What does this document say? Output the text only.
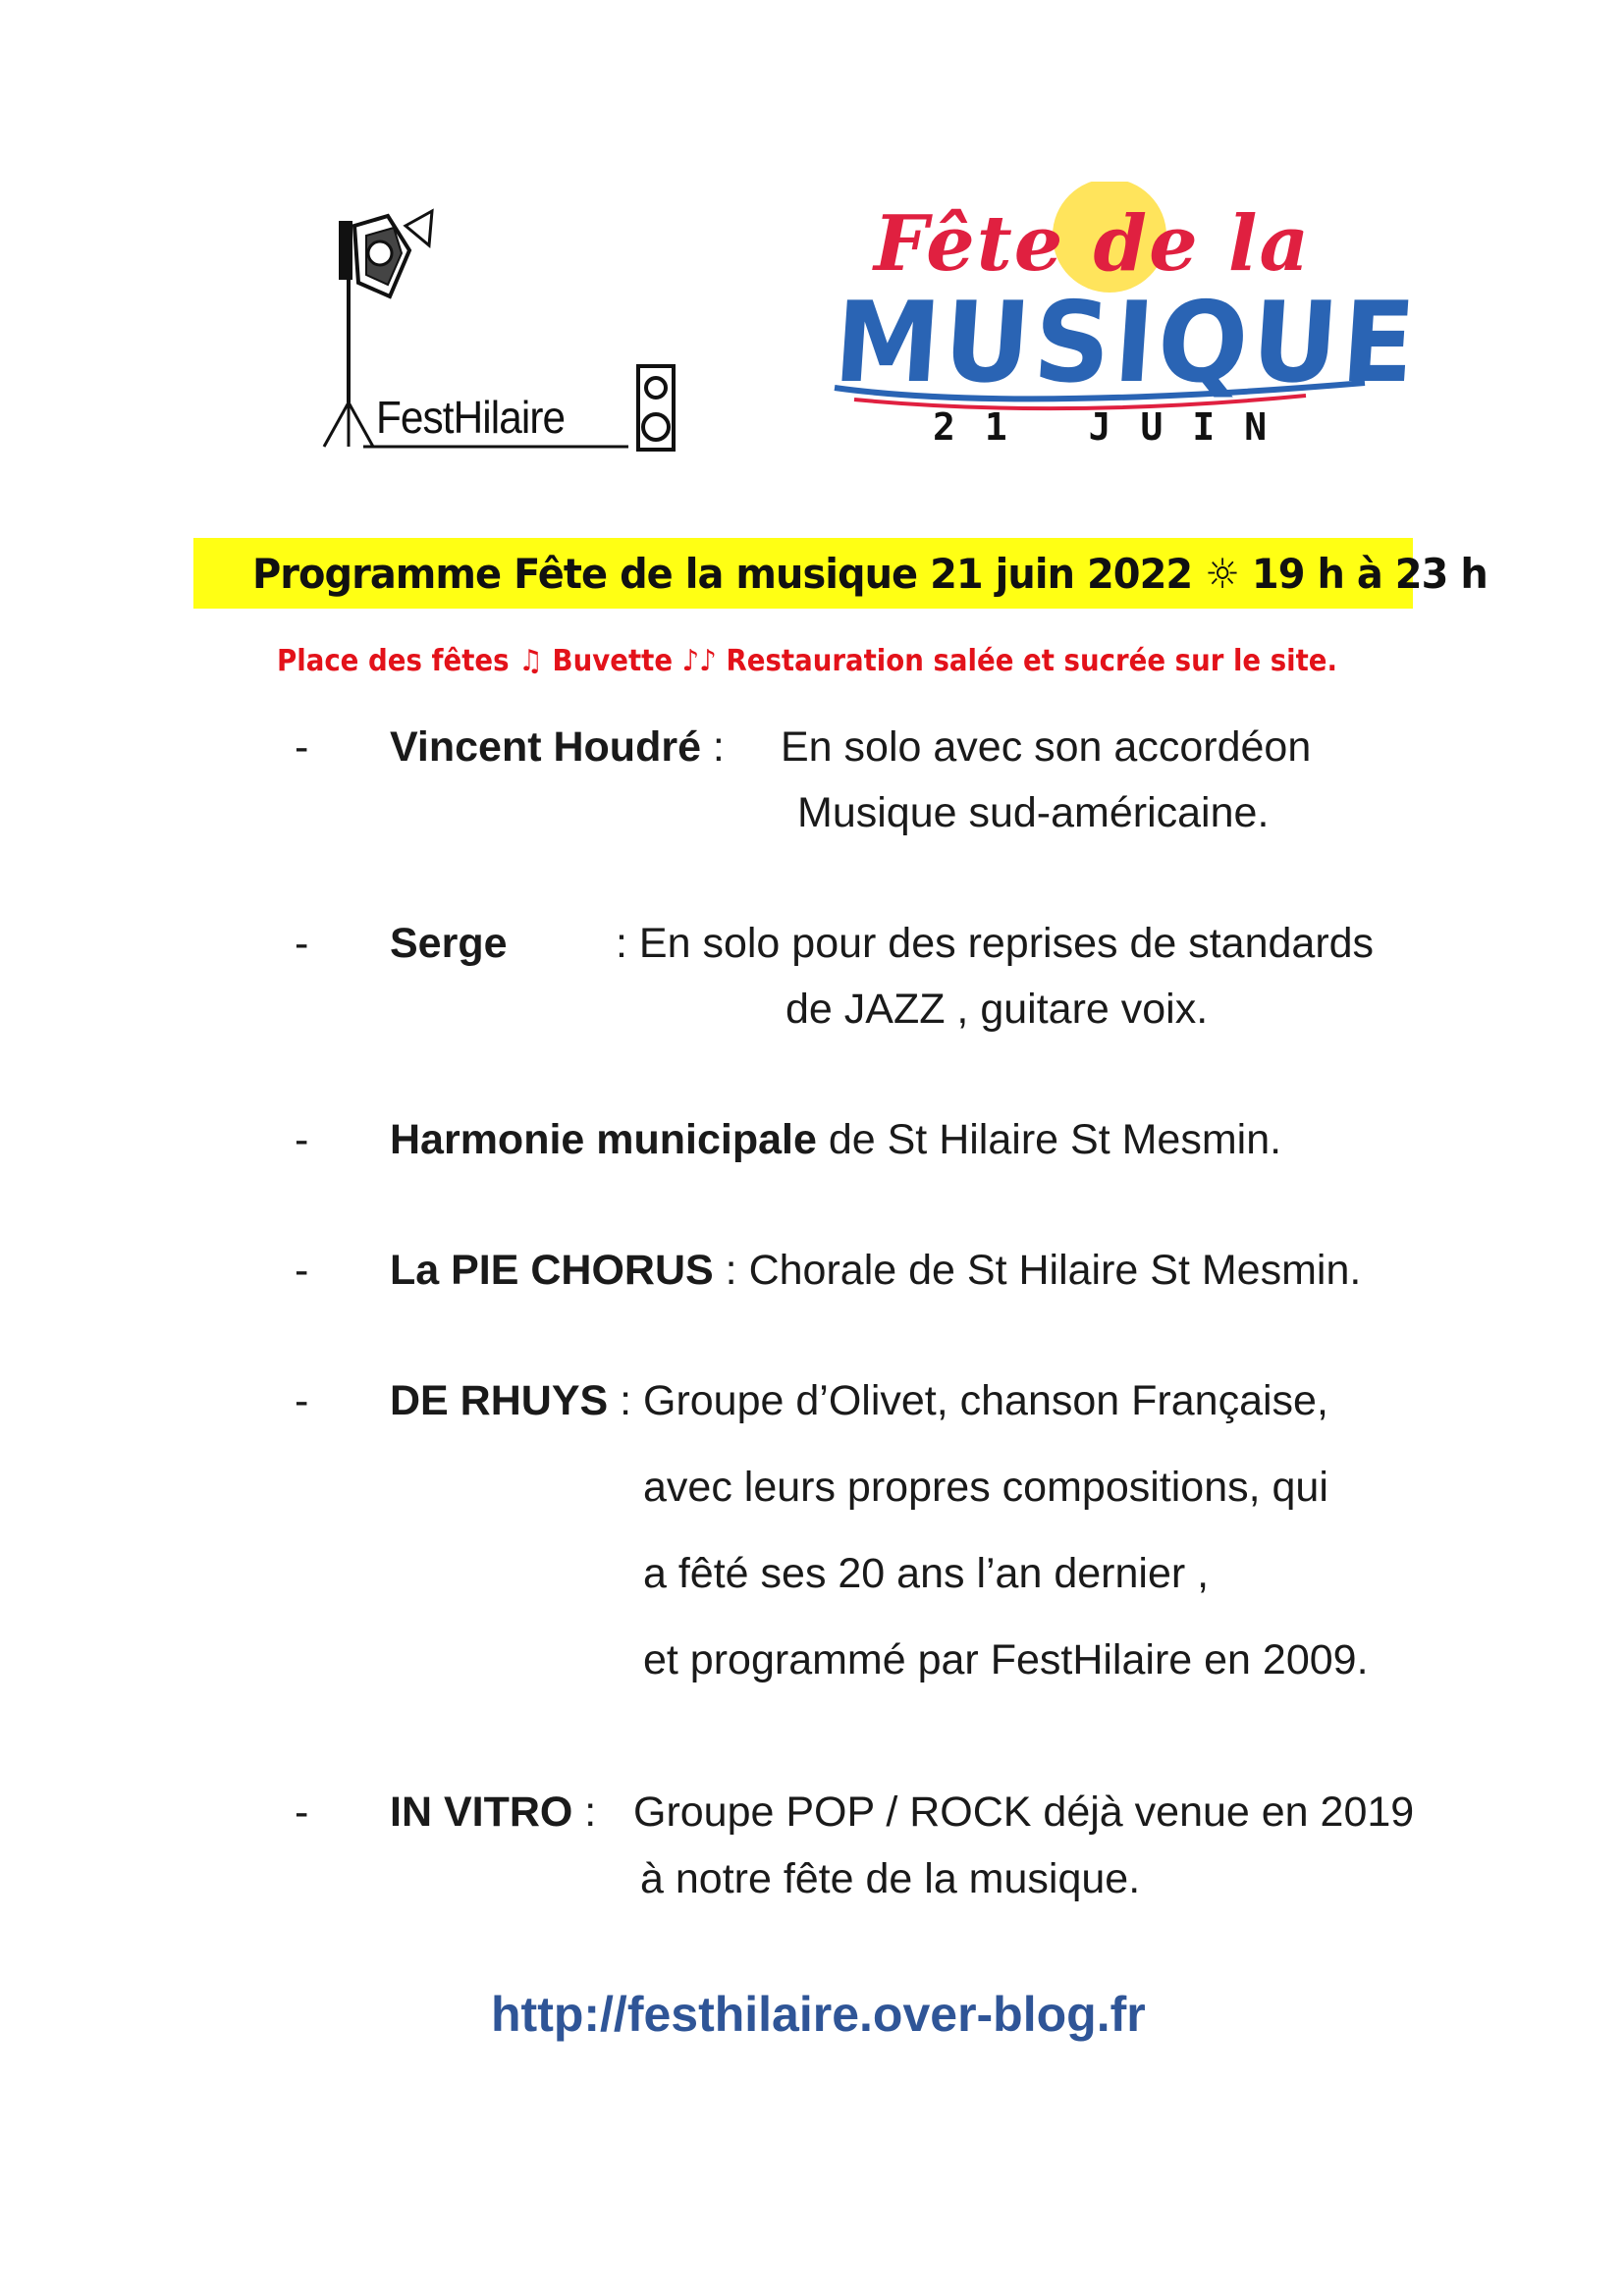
FestHilaire
Fête de la
MUSIQUE
21 JUIN
Programme Fête de la musique 21 juin 2022 ☼ 19 h à 23 h
Place des fêtes ♫ Buvette ♪♪ Restauration salée et sucrée sur le site.
- Vincent Houdré : En solo avec son accordéon
Musique sud-américaine.
- Serge	: En solo pour des reprises de standards
de JAZZ , guitare voix.
- Harmonie municipale de St Hilaire St Mesmin.
- La PIE CHORUS : Chorale de St Hilaire St Mesmin.
- DE RHUYS : Groupe d’Olivet, chanson Française,
avec leurs propres compositions, qui
a fêté ses 20 ans l’an dernier ,
et programmé par FestHilaire en 2009.
- IN VITRO : Groupe POP / ROCK déjà venue en 2019
à notre fête de la musique.
http://festhilaire.over-blog.fr
